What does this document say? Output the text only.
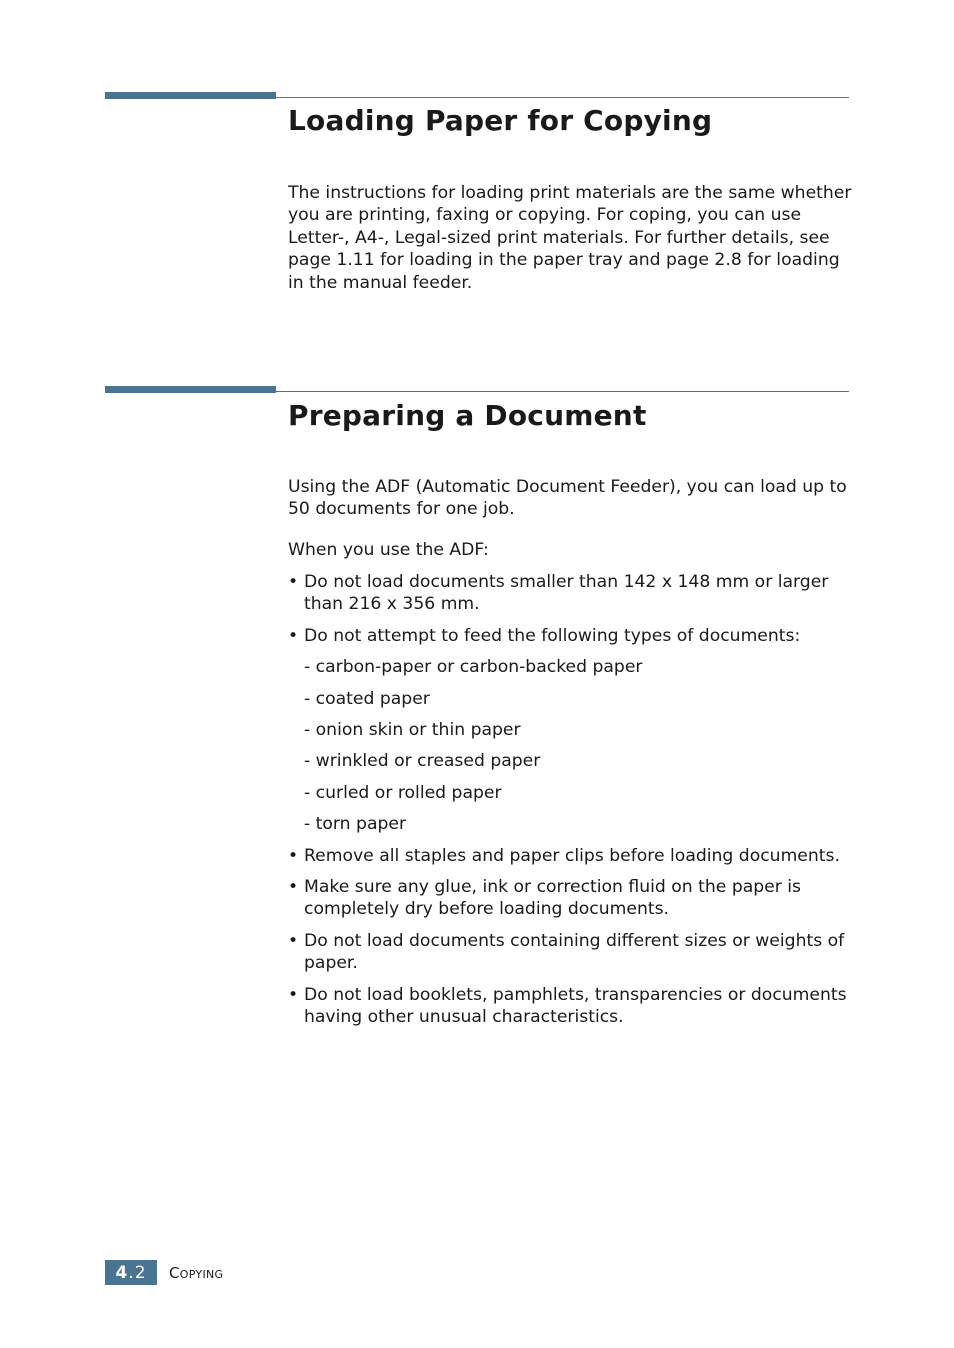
Loading Paper for Copying

The instructions for loading print materials are the same whether you are printing, faxing or copying. For coping, you can use Letter-, A4-, Legal-sized print materials. For further details, see page 1.11 for loading in the paper tray and page 2.8 for loading in the manual feeder.

Preparing a Document

Using the ADF (Automatic Document Feeder), you can load up to 50 documents for one job.

When you use the ADF:

• Do not load documents smaller than 142 x 148 mm or larger than 216 x 356 mm.
• Do not attempt to feed the following types of documents:
- carbon-paper or carbon-backed paper
- coated paper
- onion skin or thin paper
- wrinkled or creased paper
- curled or rolled paper
- torn paper
• Remove all staples and paper clips before loading documents.
• Make sure any glue, ink or correction fluid on the paper is completely dry before loading documents.
• Do not load documents containing different sizes or weights of paper.
• Do not load booklets, pamphlets, transparencies or documents having other unusual characteristics.
4 .2 Copying
